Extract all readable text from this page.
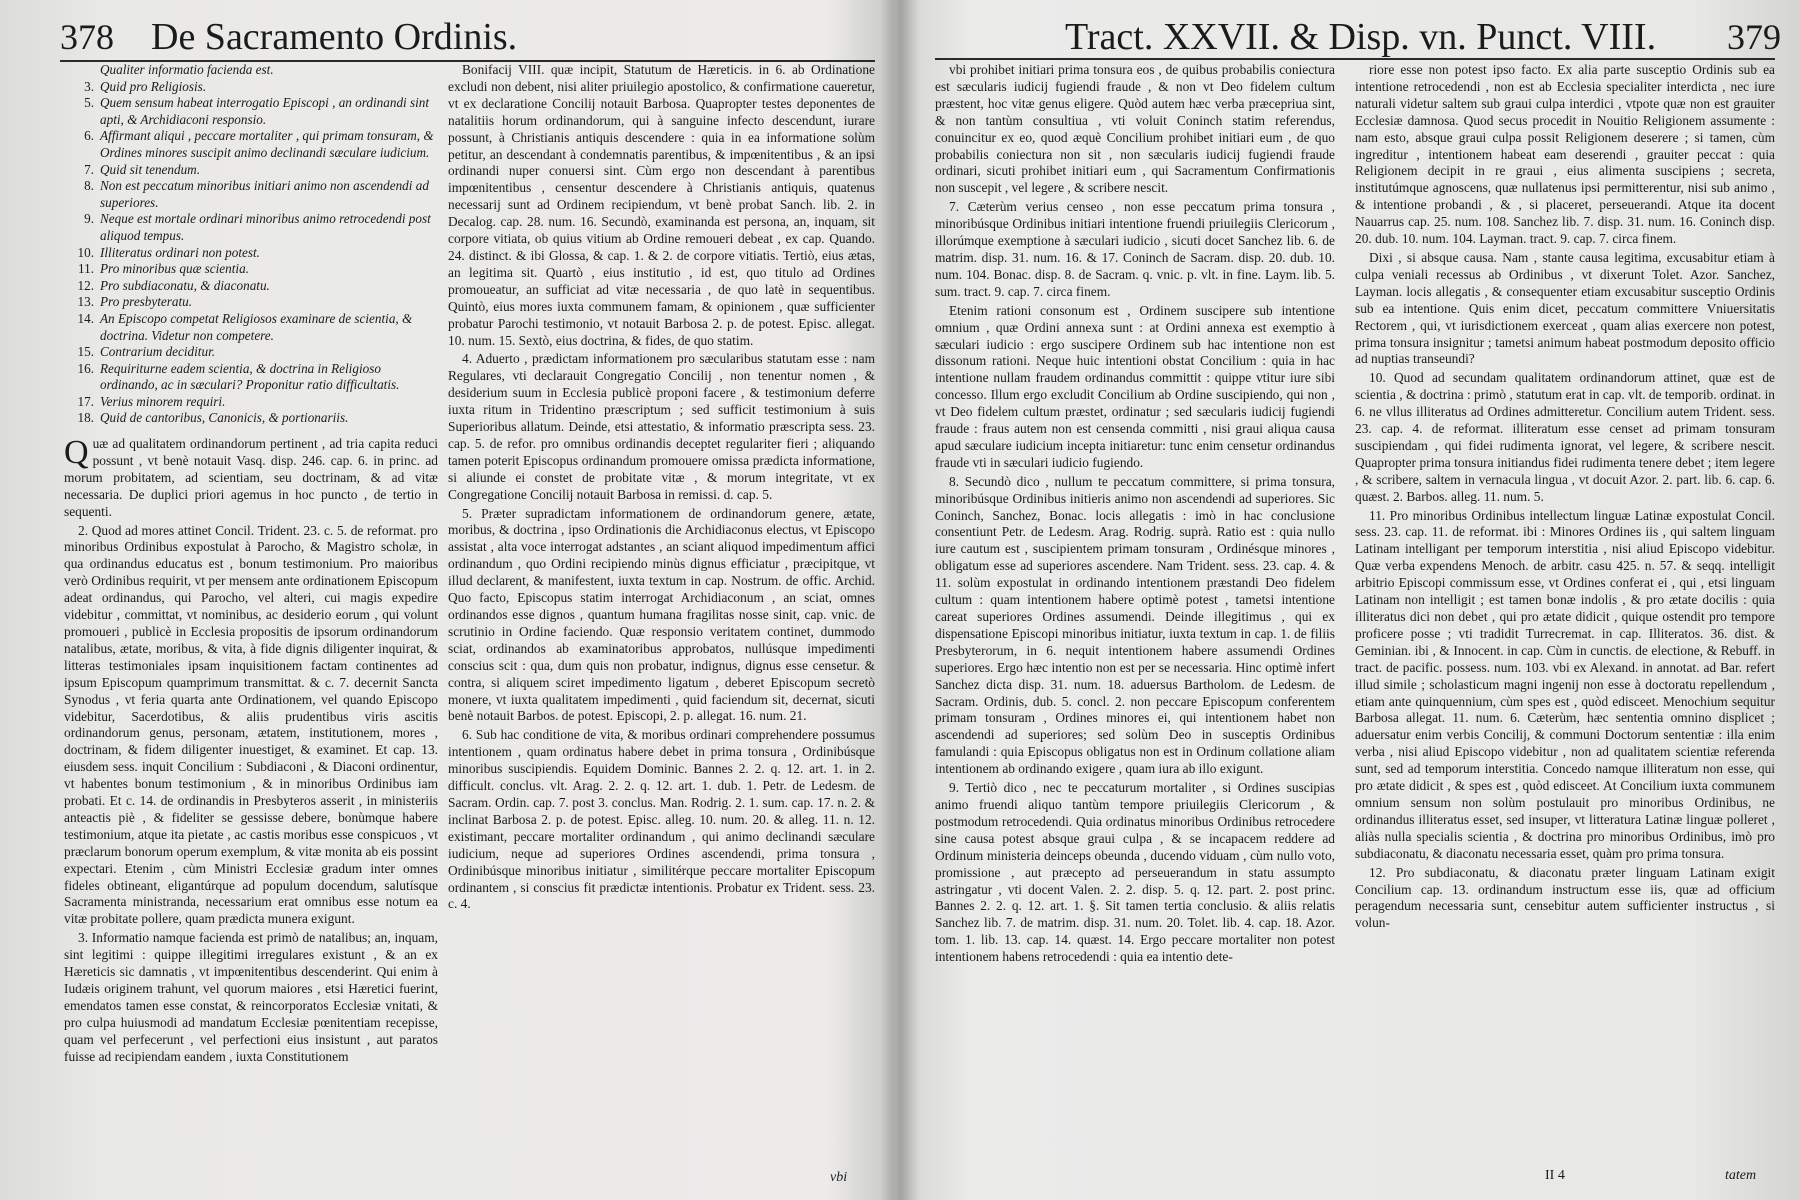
378 De Sacramento Ordinis.
Qualiter informatio facienda est.
3. Quid pro Religiosis.
5. Quem sensum habeat interrogatio Episcopi , an ordinandi sint apti, & Archidiaconi responsio.
6. Affirmant aliqui , peccare mortaliter , qui primam tonsuram, & Ordines minores suscipit animo declinandi sæculare iudicium.
7. Quid sit tenendum.
8. Non est peccatum minoribus initiari animo non ascendendi ad superiores.
9. Neque est mortale ordinari minoribus animo retrocedendi post aliquod tempus.
10. Illiteratus ordinari non potest.
11. Pro minoribus quæ scientia.
12. Pro subdiaconatu, & diaconatu.
13. Pro presbyteratu.
14. An Episcopo competat Religiosos examinare de scientia, & doctrina. Videtur non competere.
15. Contrarium deciditur.
16. Requiriturne eadem scientia, & doctrina in Religioso ordinando, ac in sæculari? Proponitur ratio difficultatis.
17. Verius minorem requiri.
18. Quid de cantoribus, Canonicis, & portionariis.

Quæ ad qualitatem ordinandorum pertinent , ad tria capita reduci possunt , vt benè notauit Vasq. disp. 246. cap. 6. in princ. ad morum probitatem, ad scientiam, seu doctrinam, & ad vitæ necessaria. De duplici priori agemus in hoc puncto , de tertio in sequenti.

2. Quod ad mores attinet Concil. Trident. 23. c. 5. de reformat. pro minoribus Ordinibus expostulat à Parocho, & Magistro scholæ, in qua ordinandus educatus est , bonum testimonium. Pro maioribus verò Ordinibus requirit, vt per mensem ante ordinationem Episcopum adeat ordinandus, qui Parocho, vel alteri, cui magis expedire videbitur , committat, vt nominibus, ac desiderio eorum , qui volunt promoueri , publicè in Ecclesia propositis de ipsorum ordinandorum natalibus, ætate, moribus, & vita, à fide dignis diligenter inquirat, & litteras testimoniales ipsam inquisitionem factam continentes ad ipsum Episcopum quamprimum transmittat. & c. 7. decernit Sancta Synodus , vt feria quarta ante Ordinationem, vel quando Episcopo videbitur, Sacerdotibus, & aliis prudentibus viris ascitis ordinandorum genus, personam, ætatem, institutionem, mores , doctrinam, & fidem diligenter inuestiget, & examinet. Et cap. 13. eiusdem sess. inquit Concilium : Subdiaconi , & Diaconi ordinentur, vt habentes bonum testimonium , & in minoribus Ordinibus iam probati. Et c. 14. de ordinandis in Presbyteros asserit , in ministeriis anteactis piè , & fideliter se gessisse debere, bonùmque habere testimonium, atque ita pietate , ac castis moribus esse conspicuos , vt præclarum bonorum operum exemplum, & vitæ monita ab eis possint expectari. Etenim , cùm Ministri Ecclesiæ gradum inter omnes fideles obtineant, eligantúrque ad populum docendum, salutísque Sacramenta ministranda, necessarium erat omnibus esse notum ea vitæ probitate pollere, quam prædicta munera exigunt.

3. Informatio namque facienda est primò de natalibus; an, inquam, sint legitimi : quippe illegitimi irregulares existunt , & an ex Hæreticis sic damnatis , vt impœnitentibus descenderint. Qui enim à Iudæis originem trahunt, vel quorum maiores , etsi Hæretici fuerint, emendatos tamen esse constat, & reincorporatos Ecclesiæ vnitati, & pro culpa huiusmodi ad mandatum Ecclesiæ pœnitentiam recepisse, quam vel perfecerunt , vel perfectioni eius insistunt , aut paratos fuisse ad recipiendam eandem , iuxta Constitutionem

Bonifacij VIII. quæ incipit, Statutum de Hæreticis. in 6. ab Ordinatione excludi non debent, nisi aliter priuilegio apostolico, & confirmatione caueretur, vt ex declaratione Concilij notauit Barbosa. Quapropter testes deponentes de natalitiis horum ordinandorum, qui à sanguine infecto descendunt, iurare possunt, à Christianis antiquis descendere : quia in ea informatione solùm petitur, an descendant à condemnatis parentibus, & impœnitentibus , & an ipsi ordinandi nuper conuersi sint. Cùm ergo non descendant à parentibus impœnitentibus , censentur descendere à Christianis antiquis, quatenus necessarij sunt ad Ordinem recipiendum, vt benè probat Sanch. lib. 2. in Decalog. cap. 28. num. 16. Secundò, examinanda est persona, an, inquam, sit corpore vitiata, ob quius vitium ab Ordine remoueri debeat , ex cap. Quando. 24. distinct. & ibi Glossa, & cap. 1. & 2. de corpore vitiatis. Tertiò, eius ætas, an legitima sit. Quartò , eius institutio , id est, quo titulo ad Ordines promoueatur, an sufficiat ad vitæ necessaria , de quo latè in sequentibus. Quintò, eius mores iuxta communem famam, & opinionem , quæ sufficienter probatur Parochi testimonio, vt notauit Barbosa 2. p. de potest. Episc. allegat. 10. num. 15. Sextò, eius doctrina, & fides, de quo statim.

4. Aduerto , prædictam informationem pro sæcularibus statutam esse : nam Regulares, vti declarauit Congregatio Concilij , non tenentur nomen , & desiderium suum in Ecclesia publicè proponi facere , & testimonium deferre iuxta ritum in Tridentino præscriptum ; sed sufficit testimonium à suis Superioribus allatum. Deinde, etsi attestatio, & informatio præscripta sess. 23. cap. 5. de refor. pro omnibus ordinandis deceptet regulariter fieri ; aliquando tamen poterit Episcopus ordinandum promouere omissa prædicta informatione, si aliunde ei constet de probitate vitæ , & morum integritate, vt ex Congregatione Concilij notauit Barbosa in remissi. d. cap. 5.

5. Præter supradictam informationem de ordinandorum genere, ætate, moribus, & doctrina , ipso Ordinationis die Archidiaconus electus, vt Episcopo assistat , alta voce interrogat adstantes , an sciant aliquod impedimentum affici ordinandum , quo Ordini recipiendo minùs dignus efficiatur , præcipitque, vt illud declarent, & manifestent, iuxta textum in cap. Nostrum. de offic. Archid. Quo facto, Episcopus statim interrogat Archidiaconum , an sciat, omnes ordinandos esse dignos , quantum humana fragilitas nosse sinit, cap. vnic. de scrutinio in Ordine faciendo. Quæ responsio veritatem continet, dummodo sciat, ordinandos ab examinatoribus approbatos, nullúsque impedimenti conscius scit : qua, dum quis non probatur, indignus, dignus esse censetur. & contra, si aliquem sciret impedimento ligatum , deberet Episcopum secretò monere, vt iuxta qualitatem impedimenti , quid faciendum sit, decernat, sicuti benè notauit Barbos. de potest. Episcopi, 2. p. allegat. 16. num. 21.

6. Sub hac conditione de vita, & moribus ordinari comprehendere possumus intentionem , quam ordinatus habere debet in prima tonsura , Ordinibúsque minoribus suscipiendis. Equidem Dominic. Bannes 2. 2. q. 12. art. 1. in 2. difficult. conclus. vlt. Arag. 2. 2. q. 12. art. 1. dub. 1. Petr. de Ledesm. de Sacram. Ordin. cap. 7. post 3. conclus. Man. Rodrig. 2. 1. sum. cap. 17. n. 2. & inclinat Barbosa 2. p. de potest. Episc. alleg. 10. num. 20. & alleg. 11. n. 12. existimant, peccare mortaliter ordinandum , qui animo declinandi sæculare iudicium, neque ad superiores Ordines ascendendi, prima tonsura , Ordinibúsque minoribus initiatur , similitérque peccare mortaliter Episcopum ordinantem , si conscius fit prædictæ intentionis. Probatur ex Trident. sess. 23. c. 4.

vbi
Tract. XXVII. & Disp. vn. Punct. VIII. 379

vbi prohibet initiari prima tonsura eos , de quibus probabilis coniectura est sæcularis iudicij fugiendi fraude , & non vt Deo fidelem cultum præstent, hoc vitæ genus eligere. Quòd autem hæc verba præcepriua sint, & non tantùm consultiua , vti voluit Coninch statim referendus, conuincitur ex eo, quod æquè Concilium prohibet initiari eum , de quo probabilis coniectura non sit , non sæcularis iudicij fugiendi fraude ordinari, sicuti prohibet initiari eum , qui Sacramentum Confirmationis non suscepit , vel legere , & scribere nescit.

7. Cæterùm verius censeo , non esse peccatum prima tonsura , minoribúsque Ordinibus initiari intentione fruendi priuilegiis Clericorum , illorúmque exemptione à sæculari iudicio , sicuti docet Sanchez lib. 6. de matrim. disp. 31. num. 16. & 17. Coninch de Sacram. disp. 20. dub. 10. num. 104. Bonac. disp. 8. de Sacram. q. vnic. p. vlt. in fine. Laym. lib. 5. sum. tract. 9. cap. 7. circa finem.

Etenim rationi consonum est , Ordinem suscipere sub intentione omnium , quæ Ordini annexa sunt : at Ordini annexa est exemptio à sæculari iudicio : ergo suscipere Ordinem sub hac intentione non est dissonum rationi. Neque huic intentioni obstat Concilium : quia in hac intentione nullam fraudem ordinandus committit : quippe vtitur iure sibi concesso. Illum ergo excludit Concilium ab Ordine suscipiendo, qui non , vt Deo fidelem cultum præstet, ordinatur ; sed sæcularis iudicij fugiendi fraude : fraus autem non est censenda committi , nisi graui aliqua causa apud sæculare iudicium incepta initiaretur: tunc enim censetur ordinandus fraude vti in sæculari iudicio fugiendo.

8. Secundò dico , nullum te peccatum committere, si prima tonsura, minoribúsque Ordinibus initieris animo non ascendendi ad superiores. Sic Coninch, Sanchez, Bonac. locis allegatis : imò in hac conclusione consentiunt Petr. de Ledesm. Arag. Rodrig. suprà. Ratio est : quia nullo iure cautum est , suscipientem primam tonsuram , Ordinésque minores , obligatum esse ad superiores ascendere. Nam Trident. sess. 23. cap. 4. & 11. solùm expostulat in ordinando intentionem præstandi Deo fidelem cultum : quam intentionem habere optimè potest , tametsi intentione careat superiores Ordines assumendi. Deinde illegitimus , qui ex dispensatione Episcopi minoribus initiatur, iuxta textum in cap. 1. de filiis Presbyterorum, in 6. nequit intentionem habere assumendi Ordines superiores. Ergo hæc intentio non est per se necessaria. Hinc optimè infert Sanchez dicta disp. 31. num. 18. aduersus Bartholom. de Ledesm. de Sacram. Ordinis, dub. 5. concl. 2. non peccare Episcopum conferentem primam tonsuram , Ordines minores ei, qui intentionem habet non ascendendi ad superiores; sed solùm Deo in susceptis Ordinibus famulandi : quia Episcopus obligatus non est in Ordinum collatione aliam intentionem ab ordinando exigere , quam iura ab illo exigunt.

9. Tertiò dico , nec te peccaturum mortaliter , si Ordines suscipias animo fruendi aliquo tantùm tempore priuilegiis Clericorum , & postmodum retrocedendi. Quia ordinatus minoribus Ordinibus retrocedere sine causa potest absque graui culpa , & se incapacem reddere ad Ordinum ministeria deinceps obeunda , ducendo viduam , cùm nullo voto, promissione , aut præcepto ad perseuerandum in statu assumpto astringatur , vti docent Valen. 2. 2. disp. 5. q. 12. part. 2. post princ. Bannes 2. 2. q. 12. art. 1. §. Sit tamen tertia conclusio. & aliis relatis Sanchez lib. 7. de matrim. disp. 31. num. 20. Tolet. lib. 4. cap. 18. Azor. tom. 1. lib. 13. cap. 14. quæst. 14. Ergo peccare mortaliter non potest intentionem habens retrocedendi : quia ea intentio dete-

riore esse non potest ipso facto. Ex alia parte susceptio Ordinis sub ea intentione retrocedendi , non est ab Ecclesia specialiter interdicta , nec iure naturali videtur saltem sub graui culpa interdici , vtpote quæ non est grauiter Ecclesiæ damnosa. Quod secus procedit in Nouitio Religionem assumente : nam esto, absque graui culpa possit Religionem deserere ; si tamen, cùm ingreditur , intentionem habeat eam deserendi , grauiter peccat : quia Religionem decipit in re graui , eius alimenta suscipiens ; secreta, institutúmque agnoscens, quæ nullatenus ipsi permitterentur, nisi sub animo , & intentione probandi , & , si placeret, perseuerandi. Atque ita docent Nauarrus cap. 25. num. 108. Sanchez lib. 7. disp. 31. num. 16. Coninch disp. 20. dub. 10. num. 104. Layman. tract. 9. cap. 7. circa finem.

Dixi , si absque causa. Nam , stante causa legitima, excusabitur etiam à culpa veniali recessus ab Ordinibus , vt dixerunt Tolet. Azor. Sanchez, Layman. locis allegatis , & consequenter etiam excusabitur susceptio Ordinis sub ea intentione. Quis enim dicet, peccatum committere Vniuersitatis Rectorem , qui, vt iurisdictionem exerceat , quam alias exercere non potest, prima tonsura insignitur ; tametsi animum habeat postmodum deposito officio ad nuptias transeundi?

10. Quod ad secundam qualitatem ordinandorum attinet, quæ est de scientia , & doctrina : primò , statutum erat in cap. vlt. de temporib. ordinat. in 6. ne vllus illiteratus ad Ordines admitteretur. Concilium autem Trident. sess. 23. cap. 4. de reformat. illiteratum esse censet ad primam tonsuram suscipiendam , qui fidei rudimenta ignorat, vel legere, & scribere nescit. Quapropter prima tonsura initiandus fidei rudimenta tenere debet ; item legere , & scribere, saltem in vernacula lingua , vt docuit Azor. 2. part. lib. 6. cap. 6. quæst. 2. Barbos. alleg. 11. num. 5.

11. Pro minoribus Ordinibus intellectum linguæ Latinæ expostulat Concil. sess. 23. cap. 11. de reformat. ibi : Minores Ordines iis , qui saltem linguam Latinam intelligant per temporum interstitia , nisi aliud Episcopo videbitur. Quæ verba expendens Menoch. de arbitr. casu 425. n. 57. & seqq. intelligit arbitrio Episcopi commissum esse, vt Ordines conferat ei , qui , etsi linguam Latinam non intelligit ; est tamen bonæ indolis , & pro ætate docilis : quia illiteratus dici non debet , qui pro ætate didicit , quique ostendit pro tempore proficere posse ; vti tradidit Turrecremat. in cap. Illiteratos. 36. dist. & Geminian. ibi , & Innocent. in cap. Cùm in cunctis. de electione, & Rebuff. in tract. de pacific. possess. num. 103. vbi ex Alexand. in annotat. ad Bar. refert illud simile ; scholasticum magni ingenij non esse à doctoratu repellendum , etiam ante quinquennium, cùm spes est , quòd edisceet. Menochium sequitur Barbosa allegat. 11. num. 6. Cæterùm, hæc sententia omnino displicet ; aduersatur enim verbis Concilij, & communi Doctorum sententiæ : illa enim verba , nisi aliud Episcopo videbitur , non ad qualitatem scientiæ referenda sunt, sed ad temporum interstitia. Concedo namque illiteratum non esse, qui pro ætate didicit , & spes est , quòd edisceet. At Concilium iuxta communem omnium sensum non solùm postulauit pro minoribus Ordinibus, ne ordinandus illiteratus esset, sed insuper, vt litteratura Latinæ linguæ polleret , aliàs nulla specialis scientia , & doctrina pro minoribus Ordinibus, imò pro subdiaconatu, & diaconatu necessaria esset, quàm pro prima tonsura.

12. Pro subdiaconatu, & diaconatu præter linguam Latinam exigit Concilium cap. 13. ordinandum instructum esse iis, quæ ad officium peragendum necessaria sunt, censebitur autem sufficienter instructus , si volun-

II 4	tatem
